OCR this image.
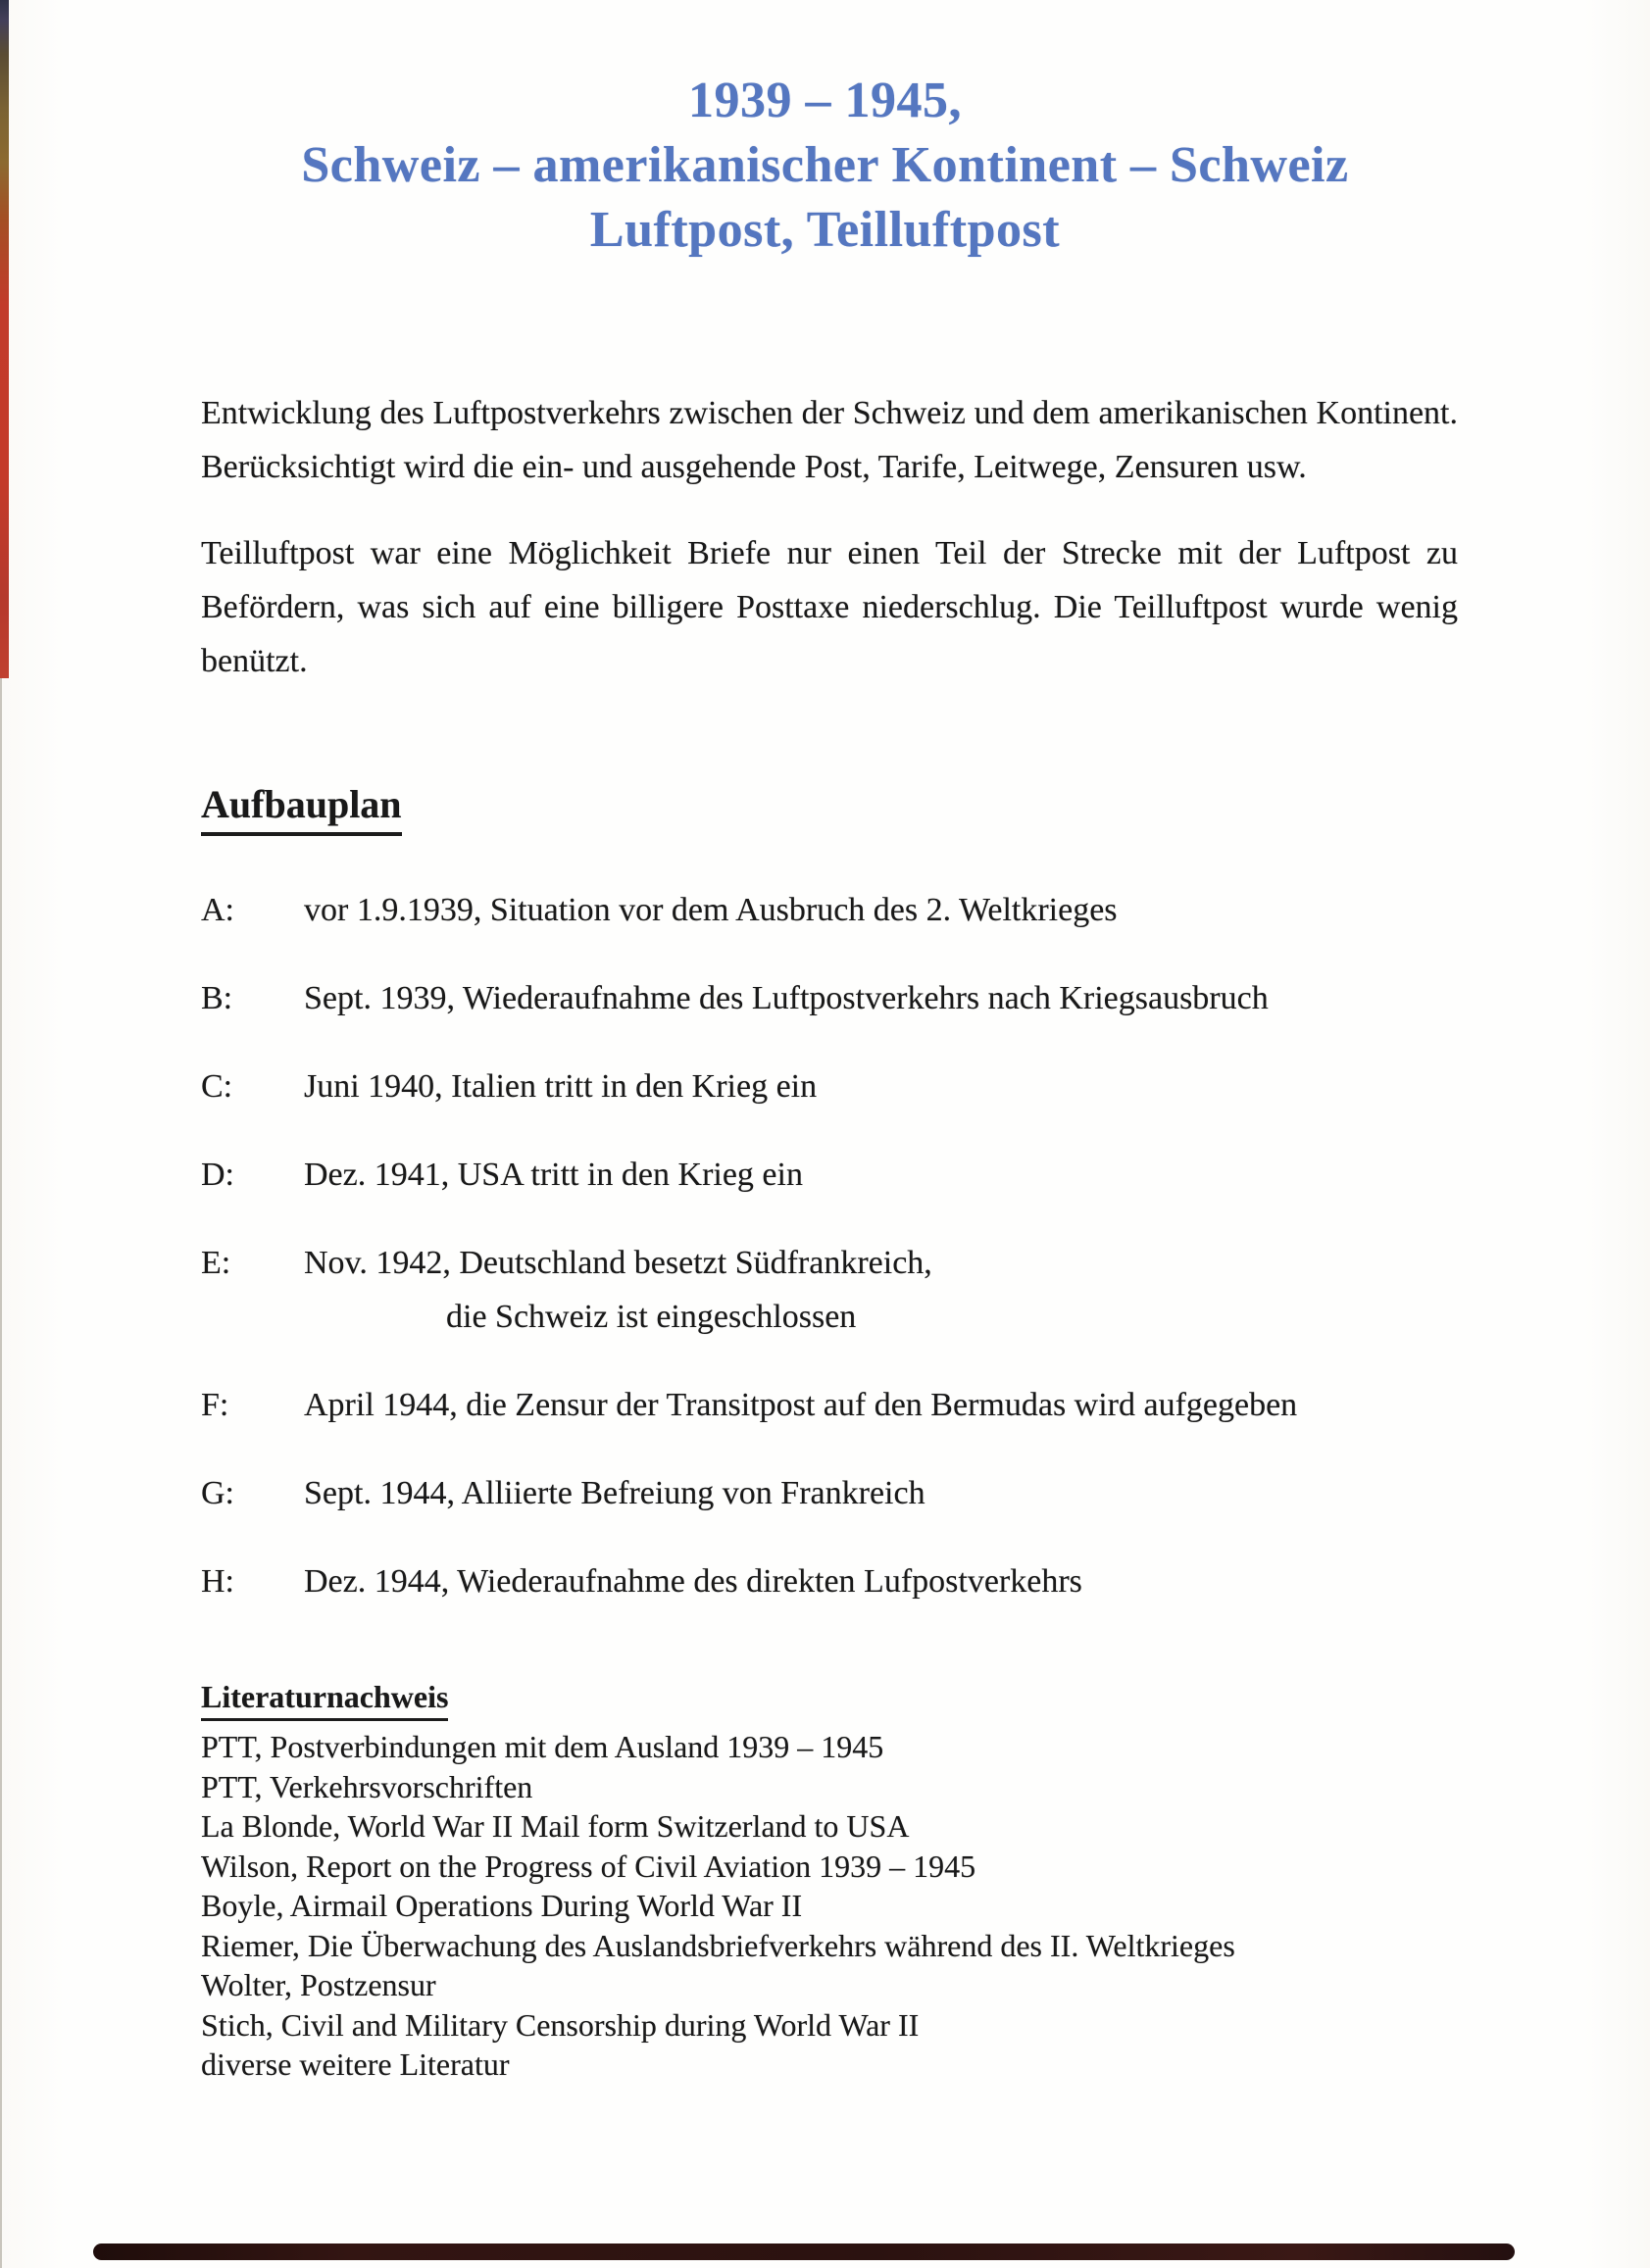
1939 – 1945,
Schweiz – amerikanischer Kontinent – Schweiz
Luftpost, Teilluftpost

Entwicklung des Luftpostverkehrs zwischen der Schweiz und dem amerikanischen Kontinent. Berücksichtigt wird die ein- und ausgehende Post, Tarife, Leitwege, Zensuren usw.

Teilluftpost war eine Möglichkeit Briefe nur einen Teil der Strecke mit der Luftpost zu Befördern, was sich auf eine billigere Posttaxe niederschlug. Die Teilluftpost wurde wenig benützt.

Aufbauplan
A:	vor 1.9.1939, Situation vor dem Ausbruch des 2. Weltkrieges
B:	Sept. 1939, Wiederaufnahme des Luftpostverkehrs nach Kriegsausbruch
C:	Juni 1940, Italien tritt in den Krieg ein
D:	Dez. 1941, USA tritt in den Krieg ein
E:	Nov. 1942, Deutschland besetzt Südfrankreich,
die Schweiz ist eingeschlossen
F:	April 1944, die Zensur der Transitpost auf den Bermudas wird aufgegeben
G:	Sept. 1944, Alliierte Befreiung von Frankreich
H:	Dez. 1944, Wiederaufnahme des direkten Lufpostverkehrs
Literaturnachweis
PTT, Postverbindungen mit dem Ausland 1939 – 1945
PTT, Verkehrsvorschriften
La Blonde, World War II Mail form Switzerland to USA
Wilson, Report on the Progress of Civil Aviation 1939 – 1945
Boyle, Airmail Operations During World War II
Riemer, Die Überwachung des Auslandsbriefverkehrs während des II. Weltkrieges
Wolter, Postzensur
Stich, Civil and Military Censorship during World War II
diverse weitere Literatur
